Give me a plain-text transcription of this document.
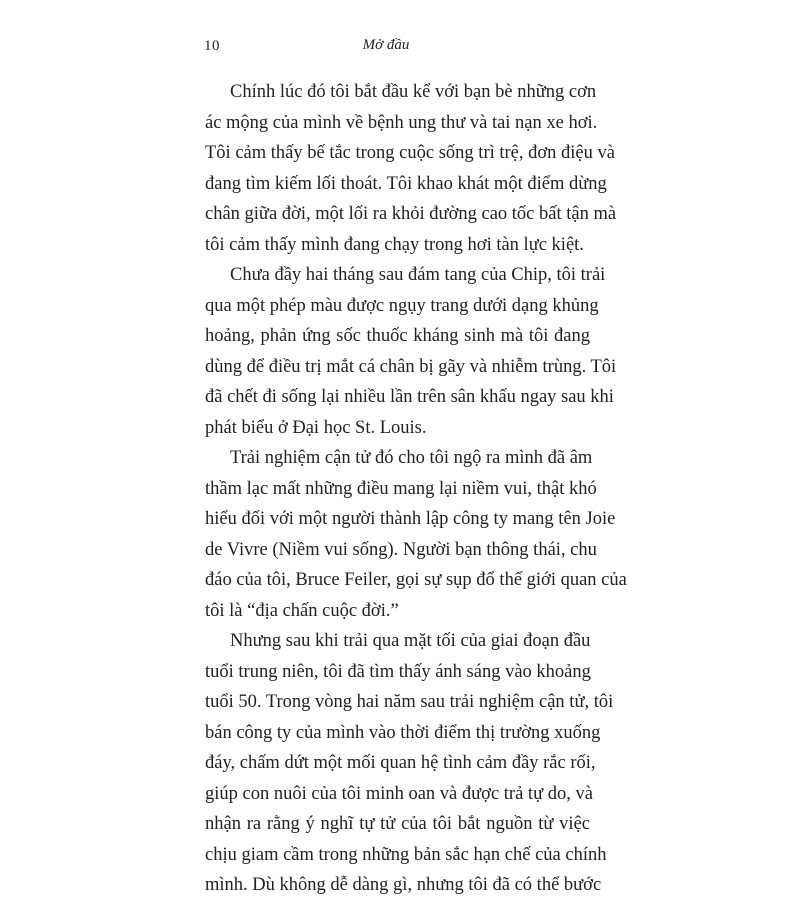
10	Mở đầu
Chính lúc đó tôi bắt đầu kể với bạn bè những cơn
ác mộng của mình về bệnh ung thư và tai nạn xe hơi.
Tôi cảm thấy bế tắc trong cuộc sống trì trệ, đơn điệu và
đang tìm kiếm lối thoát. Tôi khao khát một điểm dừng
chân giữa đời, một lối ra khỏi đường cao tốc bất tận mà
tôi cảm thấy mình đang chạy trong hơi tàn lực kiệt.
Chưa đầy hai tháng sau đám tang của Chip, tôi trải
qua một phép màu được ngụy trang dưới dạng khủng
hoảng, phản ứng sốc thuốc kháng sinh mà tôi đang
dùng để điều trị mắt cá chân bị gãy và nhiễm trùng. Tôi
đã chết đi sống lại nhiều lần trên sân khấu ngay sau khi
phát biểu ở Đại học St. Louis.
Trải nghiệm cận tử đó cho tôi ngộ ra mình đã âm
thầm lạc mất những điều mang lại niềm vui, thật khó
hiểu đối với một người thành lập công ty mang tên Joie
de Vivre (Niềm vui sống). Người bạn thông thái, chu
đáo của tôi, Bruce Feiler, gọi sự sụp đổ thế giới quan của
tôi là “địa chấn cuộc đời.”
Nhưng sau khi trải qua mặt tối của giai đoạn đầu
tuổi trung niên, tôi đã tìm thấy ánh sáng vào khoảng
tuổi 50. Trong vòng hai năm sau trải nghiệm cận tử, tôi
bán công ty của mình vào thời điểm thị trường xuống
đáy, chấm dứt một mối quan hệ tình cảm đầy rắc rối,
giúp con nuôi của tôi minh oan và được trả tự do, và
nhận ra rằng ý nghĩ tự tử của tôi bắt nguồn từ việc
chịu giam cầm trong những bản sắc hạn chế của chính
mình. Dù không dễ dàng gì, nhưng tôi đã có thể bước
